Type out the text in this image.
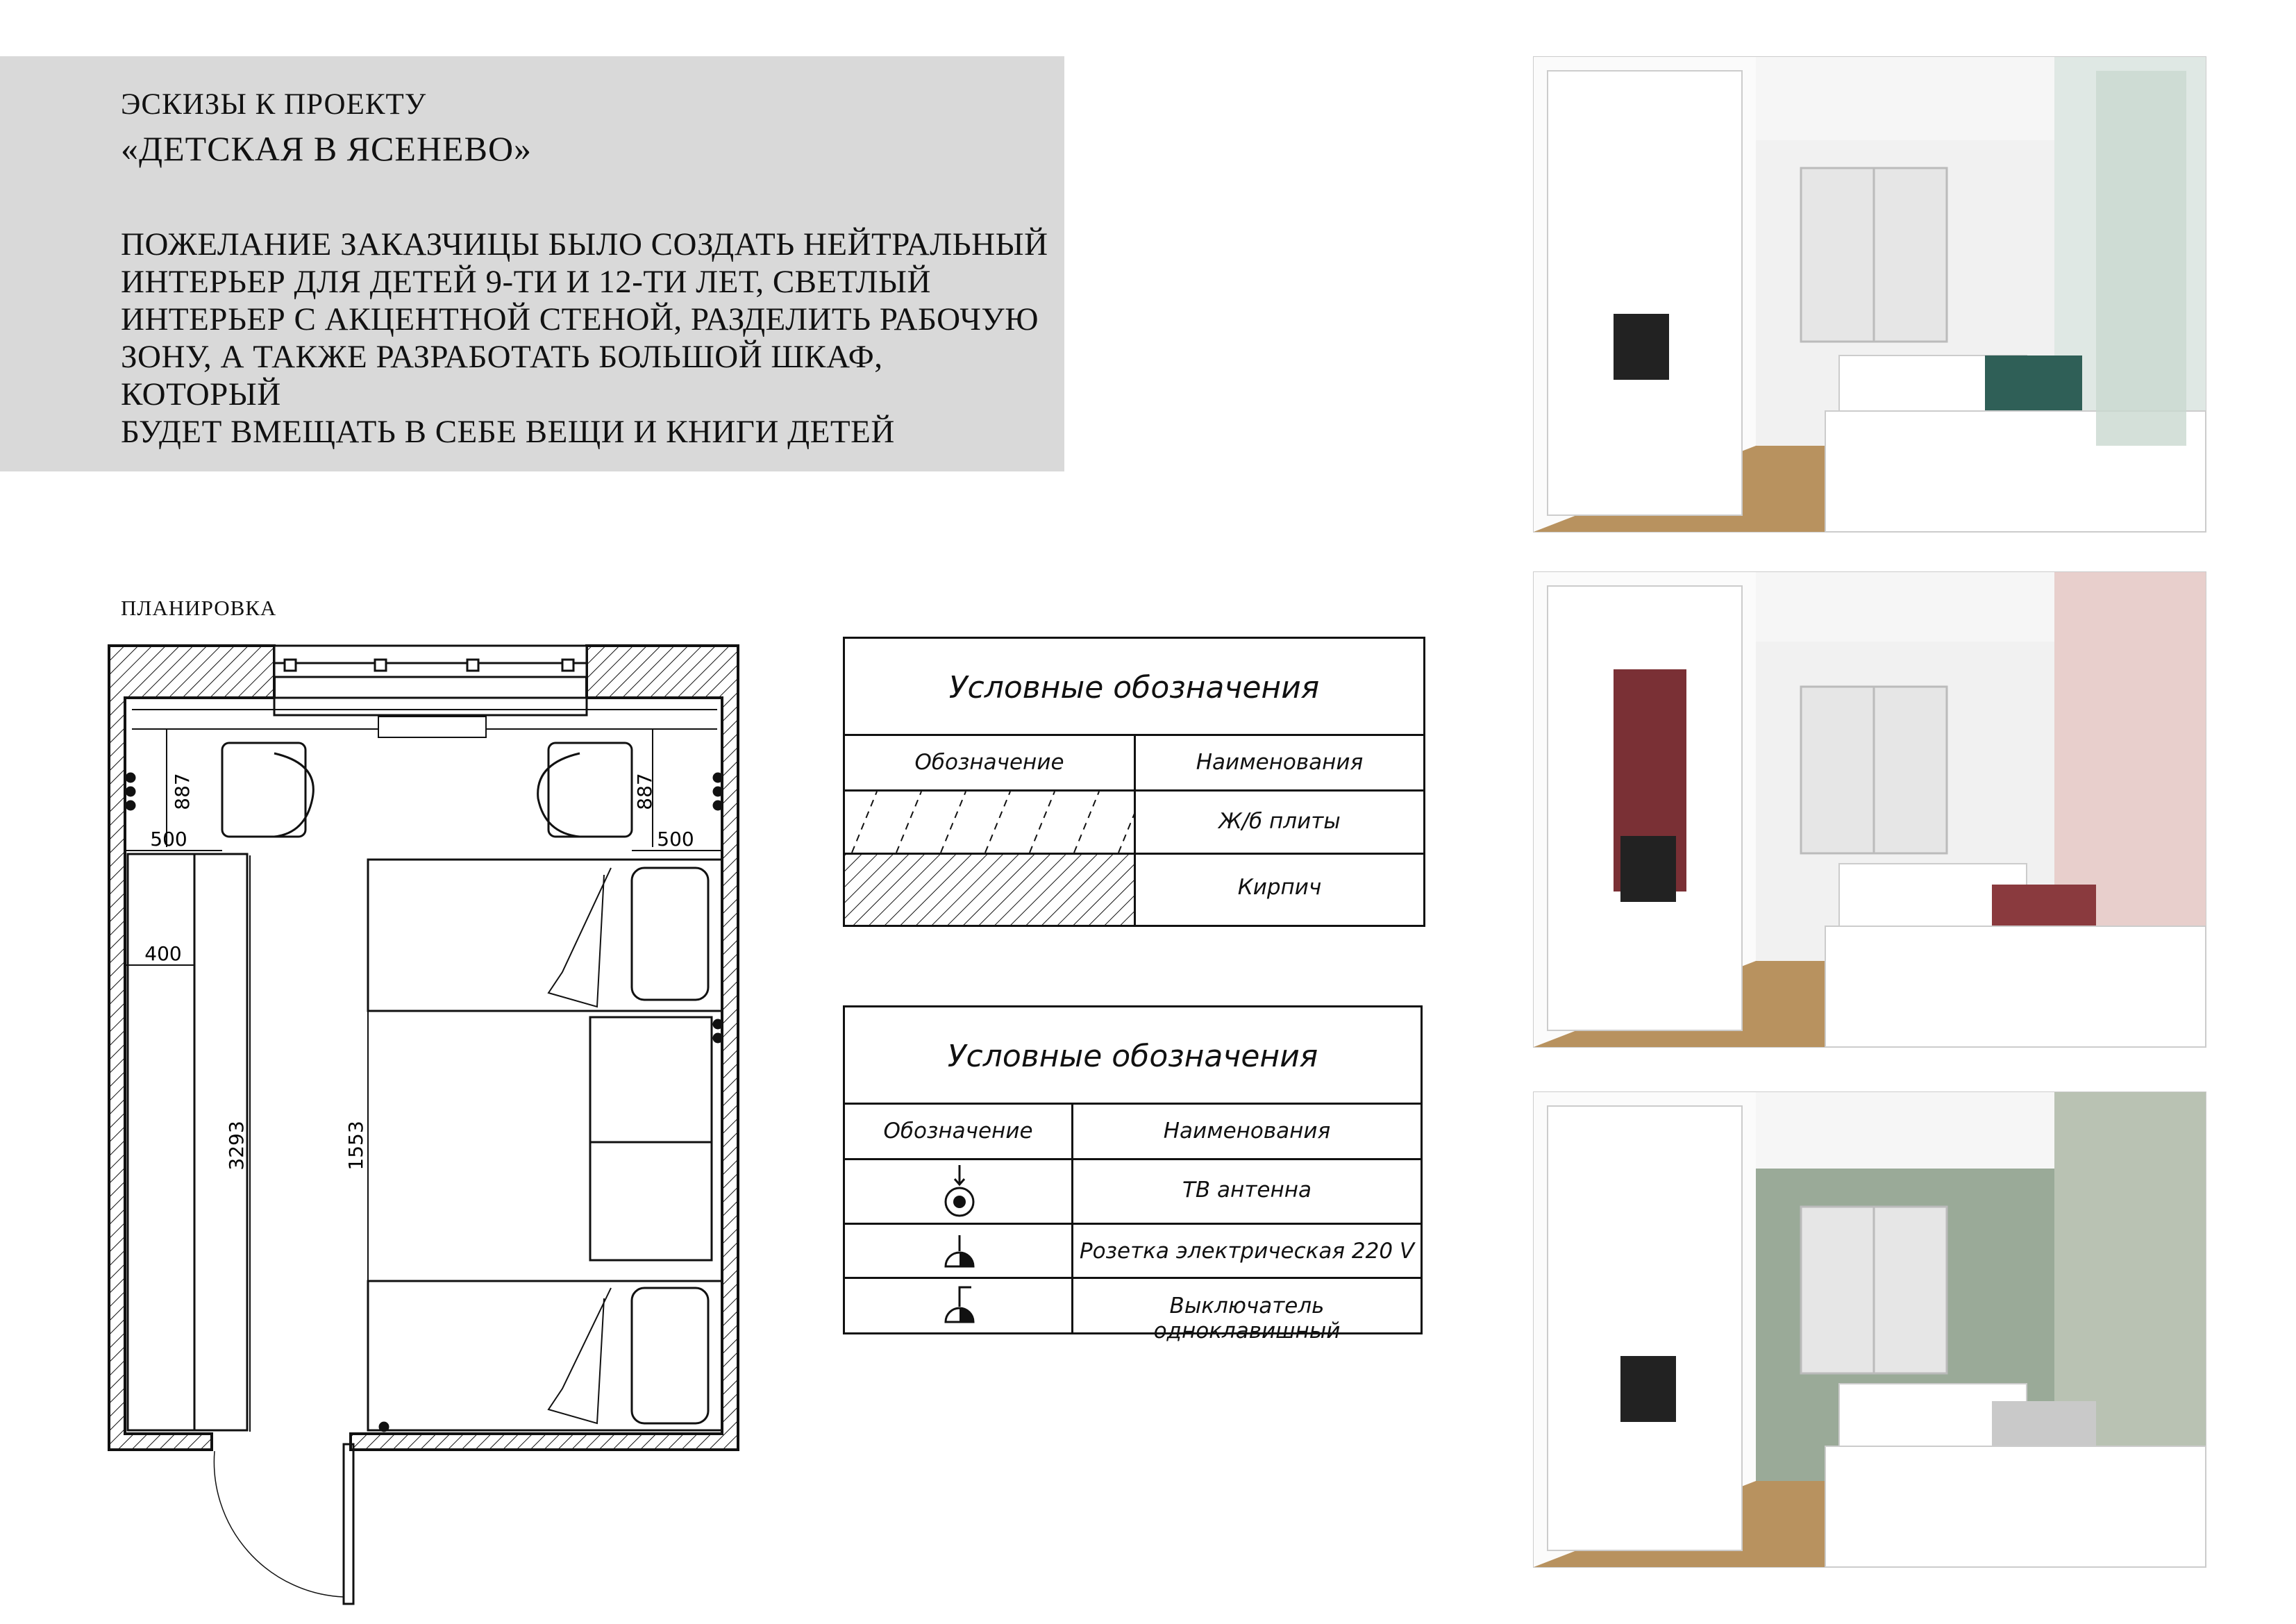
ЭСКИЗЫ К ПРОЕКТУ
«ДЕТСКАЯ В ЯСЕНЕВО»
ПОЖЕЛАНИЕ ЗАКАЗЧИЦЫ БЫЛО СОЗДАТЬ НЕЙТРАЛЬНЫЙ
ИНТЕРЬЕР ДЛЯ ДЕТЕЙ 9-ТИ И 12-ТИ ЛЕТ, СВЕТЛЫЙ
ИНТЕРЬЕР С АКЦЕНТНОЙ СТЕНОЙ, РАЗДЕЛИТЬ РАБОЧУЮ
ЗОНУ, А ТАКЖЕ РАЗРАБОТАТЬ БОЛЬШОЙ ШКАФ, КОТОРЫЙ
БУДЕТ ВМЕЩАТЬ В СЕБЕ ВЕЩИ И КНИГИ ДЕТЕЙ
ПЛАНИРОВКА
887	887
500	500
400
3293	1553
Условные обозначения
Обозначение	Наименования
Ж/б плиты
Кирпич
Условные обозначения
Обозначение	Наименования
ТВ антенна
Розетка электрическая 220 V
Выключатель одноклавишный
